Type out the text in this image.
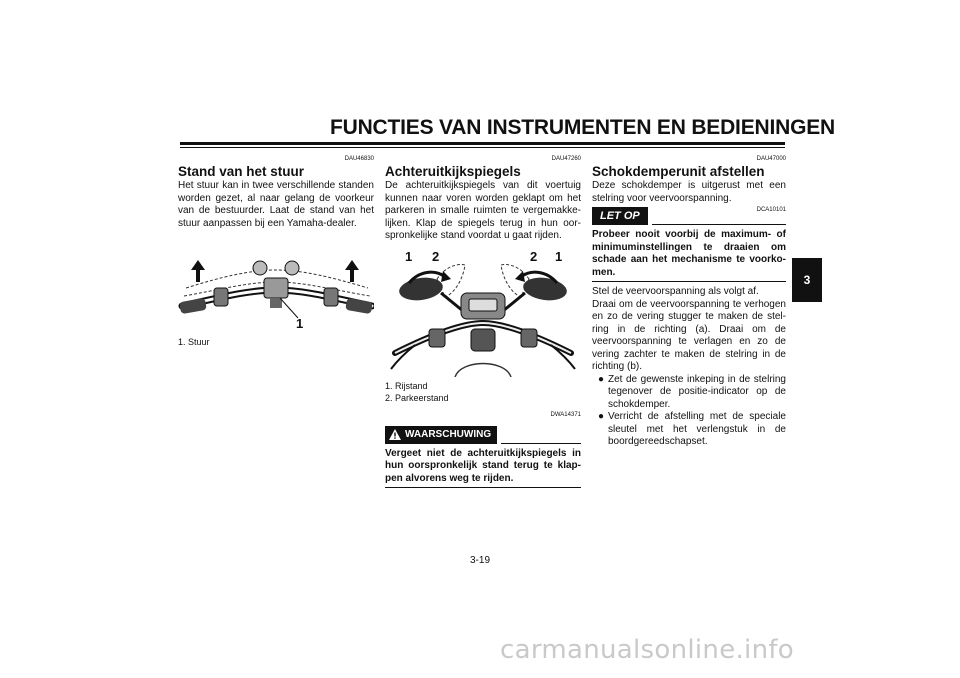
FUNCTIES VAN INSTRUMENTEN EN BEDIENINGEN
3
DAU46830
Stand van het stuur

Het stuur kan in twee verschillende standen worden gezet, al naar gelang de voorkeur van de bestuurder. Laat de stand van het stuur aanpassen bij een Yamaha-dealer.

1
1. Stuur
DAU47260
Achteruitkijkspiegels

De achteruitkijkspiegels van dit voertuig kunnen naar voren worden geklapt om het parkeren in smalle ruimten te vergemakkelijken. Klap de spiegels terug in hun oorspronkelijke stand voordat u gaat rijden.

1 2	2 1
1. Rijstand
2. Parkeerstand
DWA14371
WAARSCHUWING
Vergeet niet de achteruitkijkspiegels in hun oorspronkelijk stand terug te klappen alvorens weg te rijden.
DAU47000
Schokdemperunit afstellen

Deze schokdemper is uitgerust met een stelring voor veervoorspanning.

LET OP	DCA10101
Probeer nooit voorbij de maximum- of minimuminstellingen te draaien om schade aan het mechanisme te voorkomen.

Stel de veervoorspanning als volgt af.

Draai om de veervoorspanning te verhogen en zo de vering stugger te maken de stelring in de richting (a). Draai om de veervoorspanning te verlagen en zo de vering zachter te maken de stelring in de richting (b).

● Zet de gewenste inkeping in de stelring tegenover de positie-indicator op de schokdemper.
● Verricht de afstelling met de speciale sleutel met het verlengstuk in de boordgereedschapset.
3-19
carmanualsonline.info
